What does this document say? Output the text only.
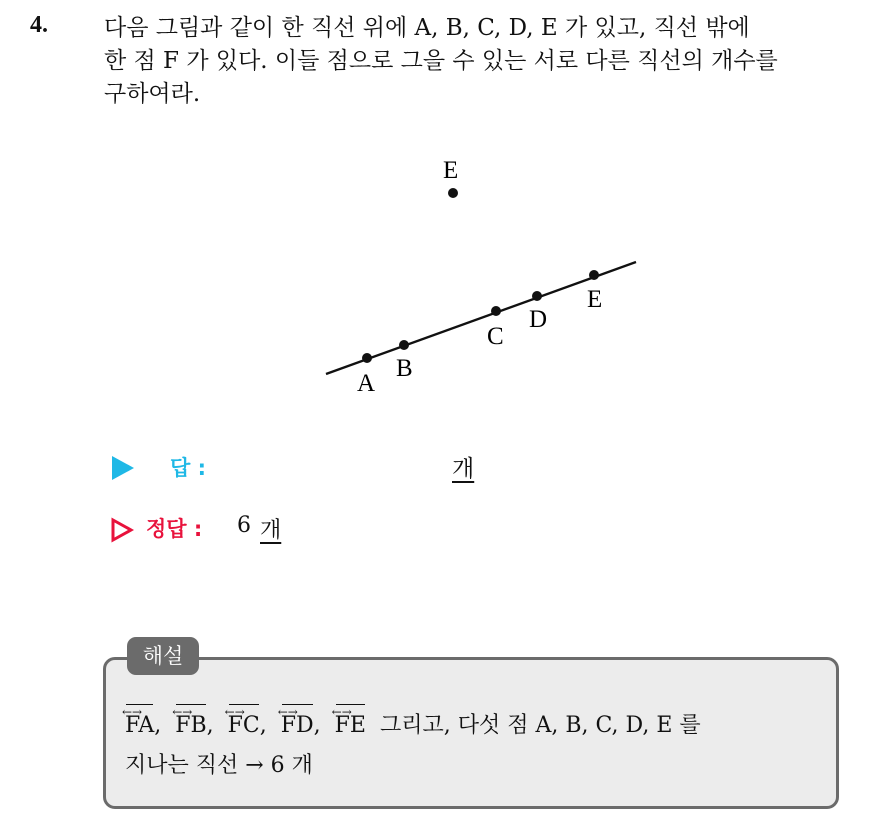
4. 다음 그림과 같이 한 직선 위에 A, B, C, D, E 가 있고, 직선 밖에
한 점 F 가 있다. 이들 점으로 그을 수 있는 서로 다른 직선의 개수를
구하여라.
E
A
B
C
D
E
답 :	개
정답 : 6 개
해설
FA ←→,  FB ←→,  FC ←→,  FD ←→,  FE ←→ 그리고, 다섯 점 A, B, C, D, E 를
지나는 직선 → 6 개
